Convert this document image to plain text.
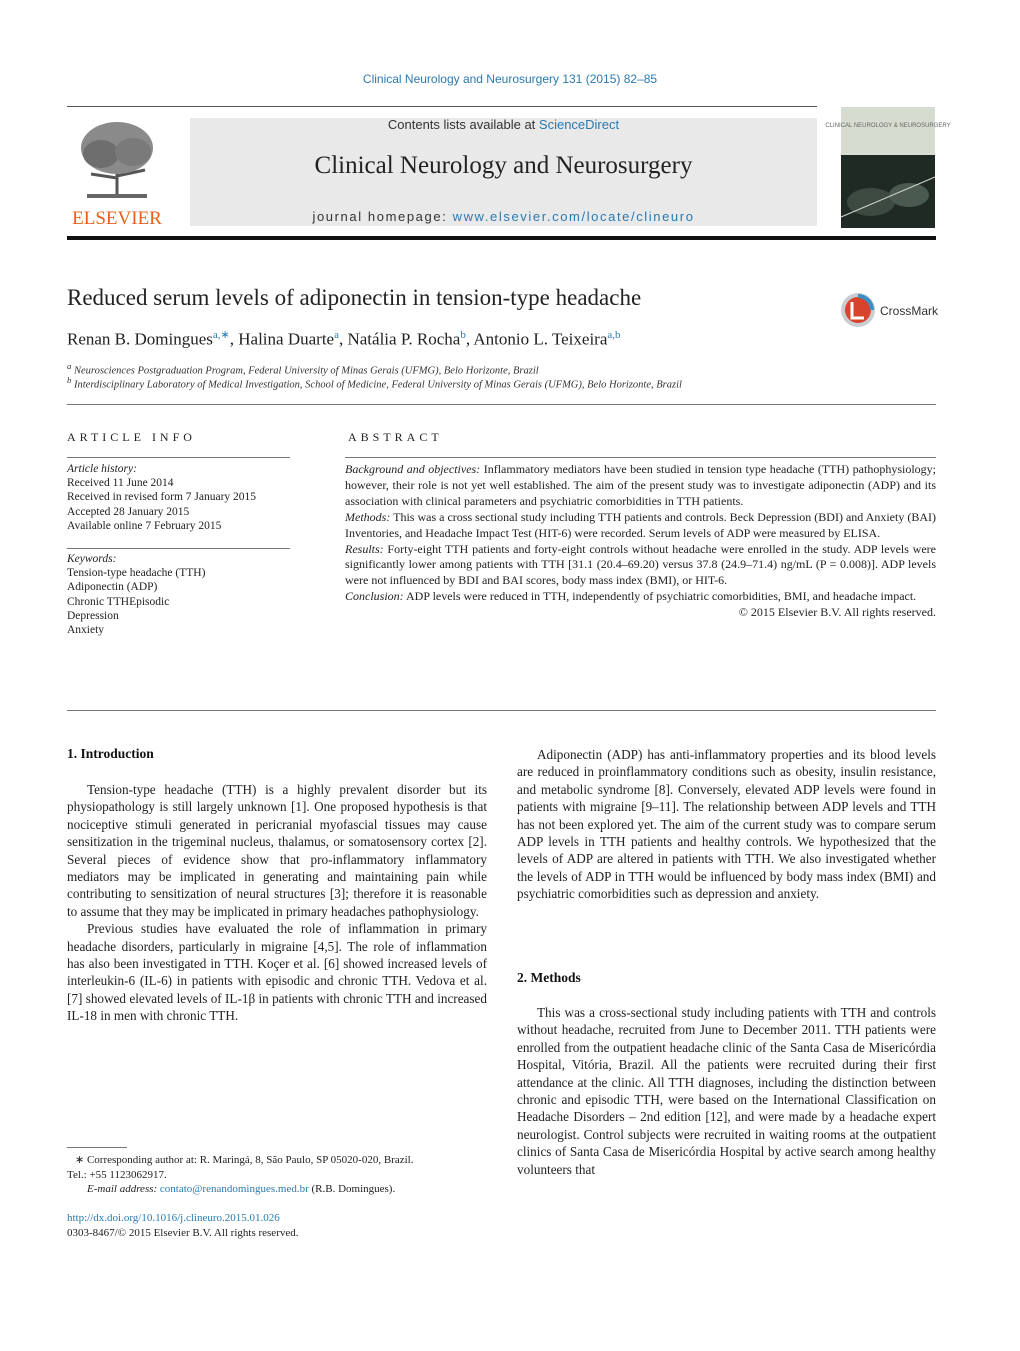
Clinical Neurology and Neurosurgery 131 (2015) 82–85
ELSEVIER
Contents lists available at ScienceDirect
Clinical Neurology and Neurosurgery
journal homepage: www.elsevier.com/locate/clineuro
CLINICAL NEUROLOGY & NEUROSURGERY
Reduced serum levels of adiponectin in tension-type headache
CrossMark
Renan B. Domingues$^{a,∗}$, Halina Duarte$^a$, Natália P. Rocha$^b$, Antonio L. Teixeira$^{a,b}$
$^a$ Neurosciences Postgraduation Program, Federal University of Minas Gerais (UFMG), Belo Horizonte, Brazil
$^b$ Interdisciplinary Laboratory of Medical Investigation, School of Medicine, Federal University of Minas Gerais (UFMG), Belo Horizonte, Brazil
ARTICLE INFO
Article history:
Received 11 June 2014
Received in revised form 7 January 2015
Accepted 28 January 2015
Available online 7 February 2015
Keywords:
Tension-type headache (TTH)
Adiponectin (ADP)
Chronic TTHEpisodic
Depression
Anxiety
ABSTRACT

Background and objectives: Inflammatory mediators have been studied in tension type headache (TTH) pathophysiology; however, their role is not yet well established. The aim of the present study was to investigate adiponectin (ADP) and its association with clinical parameters and psychiatric comorbidities in TTH patients.

Methods: This was a cross sectional study including TTH patients and controls. Beck Depression (BDI) and Anxiety (BAI) Inventories, and Headache Impact Test (HIT-6) were recorded. Serum levels of ADP were measured by ELISA.

Results: Forty-eight TTH patients and forty-eight controls without headache were enrolled in the study. ADP levels were significantly lower among patients with TTH [31.1 (20.4–69.20) versus 37.8 (24.9–71.4) ng/mL (P = 0.008)]. ADP levels were not influenced by BDI and BAI scores, body mass index (BMI), or HIT-6.

Conclusion: ADP levels were reduced in TTH, independently of psychiatric comorbidities, BMI, and headache impact.

© 2015 Elsevier B.V. All rights reserved.

1. Introduction

Tension-type headache (TTH) is a highly prevalent disorder but its physiopathology is still largely unknown [1]. One proposed hypothesis is that nociceptive stimuli generated in pericranial myofascial tissues may cause sensitization in the trigeminal nucleus, thalamus, or somatosensory cortex [2]. Several pieces of evidence show that pro-inflammatory inflammatory mediators may be implicated in generating and maintaining pain while contributing to sensitization of neural structures [3]; therefore it is reasonable to assume that they may be implicated in primary headaches pathophysiology.

Previous studies have evaluated the role of inflammation in primary headache disorders, particularly in migraine [4,5]. The role of inflammation has also been investigated in TTH. Koçer et al. [6] showed increased levels of interleukin-6 (IL-6) in patients with episodic and chronic TTH. Vedova et al. [7] showed elevated levels of IL-1β in patients with chronic TTH and increased IL-18 in men with chronic TTH.

∗ Corresponding author at: R. Maringá, 8, São Paulo, SP 05020-020, Brazil.
Tel.: +55 1123062917.
E-mail address: contato@renandomingues.med.br (R.B. Domingues).
http://dx.doi.org/10.1016/j.clineuro.2015.01.026
0303-8467/© 2015 Elsevier B.V. All rights reserved.

Adiponectin (ADP) has anti-inflammatory properties and its blood levels are reduced in proinflammatory conditions such as obesity, insulin resistance, and metabolic syndrome [8]. Conversely, elevated ADP levels were found in patients with migraine [9–11]. The relationship between ADP levels and TTH has not been explored yet. The aim of the current study was to compare serum ADP levels in TTH patients and healthy controls. We hypothesized that the levels of ADP are altered in patients with TTH. We also investigated whether the levels of ADP in TTH would be influenced by body mass index (BMI) and psychiatric comorbidities such as depression and anxiety.

2. Methods

This was a cross-sectional study including patients with TTH and controls without headache, recruited from June to December 2011. TTH patients were enrolled from the outpatient headache clinic of the Santa Casa de Misericórdia Hospital, Vitória, Brazil. All the patients were recruited during their first attendance at the clinic. All TTH diagnoses, including the distinction between chronic and episodic TTH, were based on the International Classification on Headache Disorders – 2nd edition [12], and were made by a headache expert neurologist. Control subjects were recruited in waiting rooms at the outpatient clinics of Santa Casa de Misericórdia Hospital by active search among healthy volunteers that
